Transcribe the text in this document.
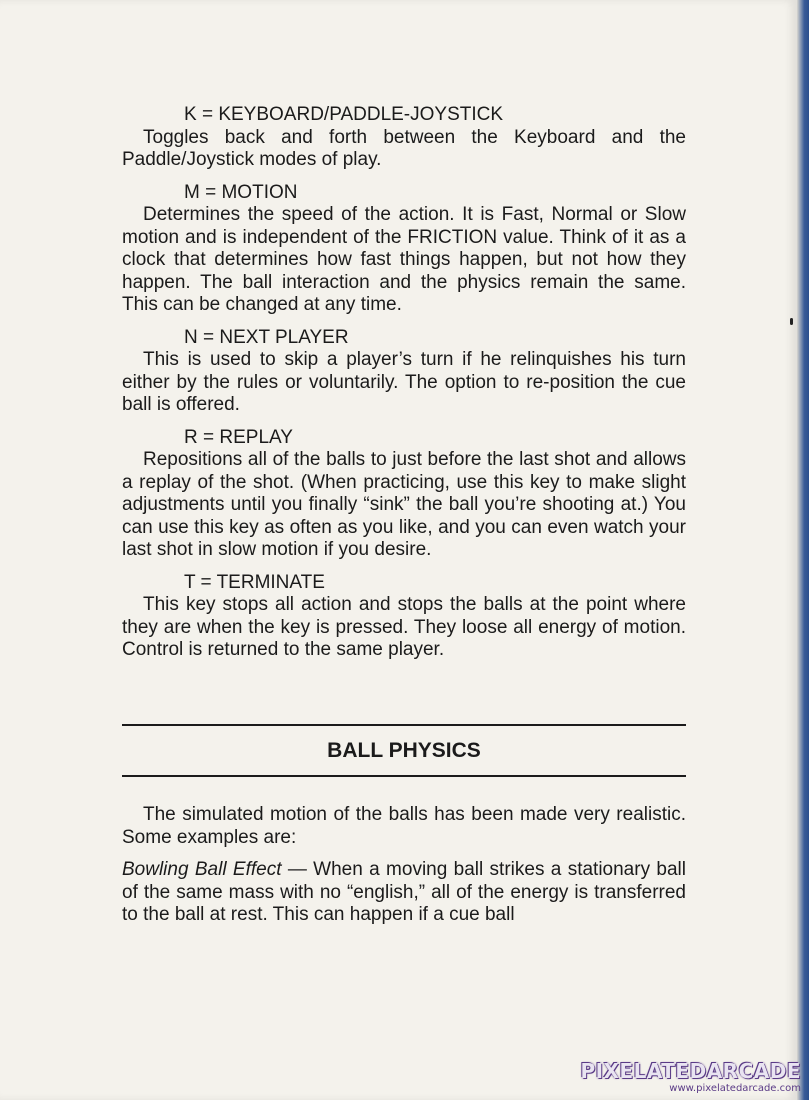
K = KEYBOARD/PADDLE-JOYSTICK
Toggles back and forth between the Keyboard and the Paddle/Joystick modes of play.
M = MOTION
Determines the speed of the action. It is Fast, Normal or Slow motion and is independent of the FRICTION value. Think of it as a clock that determines how fast things happen, but not how they happen. The ball interaction and the physics remain the same. This can be changed at any time.
N = NEXT PLAYER
This is used to skip a player’s turn if he relinquishes his turn either by the rules or voluntarily. The option to re-position the cue ball is offered.
R = REPLAY
Repositions all of the balls to just before the last shot and allows a replay of the shot. (When practicing, use this key to make slight adjustments until you finally “sink” the ball you’re shooting at.) You can use this key as often as you like, and you can even watch your last shot in slow motion if you desire.
T = TERMINATE
This key stops all action and stops the balls at the point where they are when the key is pressed. They loose all energy of motion. Control is returned to the same player.
BALL PHYSICS
The simulated motion of the balls has been made very realistic. Some examples are:
Bowling Ball Effect — When a moving ball strikes a stationary ball of the same mass with no “english,” all of the energy is transferred to the ball at rest. This can happen if a cue ball
PIXELATEDARCADE
www.pixelatedarcade.com
